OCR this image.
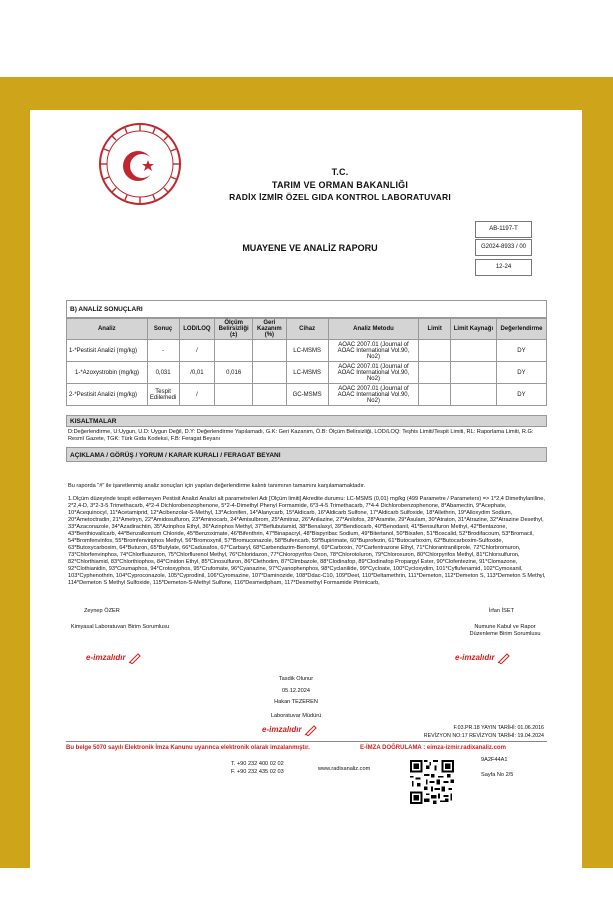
T.C.
TARIM VE ORMAN BAKANLIĞI
RADİX İZMİR ÖZEL GIDA KONTROL LABORATUVARI
AB-1197-T
G2024-8933 / 00
12-24
MUAYENE VE ANALİZ RAPORU
B) ANALİZ SONUÇLARI
Analiz	Sonuç	LOD/LOQ	Ölçüm Belirsizliği (±)	Geri Kazanım (%)	Cihaz	Analiz Metodu	Limit	Limit Kaynağı	Değerlendirme
1-*Pestisit Analizi (mg/kg)	-	/			LC-MSMS	AOAC 2007.01 (Journal of AOAC International Vol.90, No2)			DY
1-*Azoxystrobin (mg/kg)	0,031	/0,01	0,016		LC-MSMS	AOAC 2007.01 (Journal of AOAC International Vol.90, No2)			DY
2-*Pestisit Analizi (mg/kg)	Tespit Edilemedi	/			GC-MSMS	AOAC 2007.01 (Journal of AOAC International Vol.90, No2)			DY
KISALTMALAR
D:Değerlendirme, U:Uygun, U.D: Uygun Değil, D.Y: Değerlendirme Yapılamadı, G.K: Geri Kazanım, Ö.B: Ölçüm Belirsizliği, LOD/LOQ: Teşhis Limiti/Tespit Limiti, RL: Raporlama Limiti, R.G: Resmî Gazete, TGK: Türk Gıda Kodeksi, F.B: Feragat Beyanı
AÇIKLAMA / GÖRÜŞ / YORUM / KARAR KURALI / FERAGAT BEYANI
Bu raporda "#" ile işaretlenmiş analiz sonuçları için yapılan değerlendirme kalıntı tanımının tamamını karşılamamaktadır.
1.Ölçüm düzeyinde tespit edilemeyen Pestisit Analizi Analizi alt parametreleri Adı [Ölçüm limiti] Akredite durumu: LC-MSMS (0,01) mg/kg (499 Parametre / Parameters) => 1*2,4 Dimethylaniline, 2*2,4-D, 3*2-3-5 Trimethacarb, 4*2-4 Dichlorobenzophenone, 5*2-4-Dimethyl Phenyl Formamide, 6*3-4-5 Trimethacarb, 7*4-4 Dichlorobenzophenone, 8*Abamectin, 9*Acephate, 10*Acequinocyl, 11*Acetamiprid, 12*Acibenzolar-S-Methyl, 13*Aclonifen, 14*Alanycarb, 15*Aldicarb, 16*Aldicarb Sulfone, 17*Aldicarb Sulfoxide, 18*Allethrin, 19*Alloxydim Sodium, 20*Ametoctradin, 21*Ametryn, 22*Amidosulfuron, 23*Aminocarb, 24*Amisulbrom, 25*Amitraz, 26*Anilazine, 27*Anilofos, 28*Aramite, 29*Asulam, 30*Atraton, 31*Atrazine, 32*Atrazine Desethyl, 33*Azaconazole, 34*Azadirachtin, 35*Azinphos Ethyl, 36*Azinphos Methyl, 37*Beflubutamid, 38*Benalaxyl, 39*Bendiocarb, 40*Benodanil, 41*Bensulfuron Methyl, 42*Bentazone, 43*Benthiovalicarb, 44*Benzalkonium Chloride, 45*Benzoximate, 46*Bifenthrin, 47*Binapacryl, 48*Bispyribac Sodium, 49*Bitertanol, 50*Bixafen, 51*Boscalid, 52*Brodifacoum, 53*Bromacil, 54*Bromfenvinfos, 55*Bromfenvinphos Methyl, 56*Bromoxynil, 57*Bromuconazole, 58*Bufencarb, 59*Bupirimate, 60*Buprofezin, 61*Butocarboxim, 62*Butocarboxim-Sulfoxide, 63*Butoxycarboxim, 64*Buturon, 65*Butylate, 66*Cadusafos, 67*Carbaryl, 68*Carbendazim-Benomyl, 69*Carboxin, 70*Carfentrazone Ethyl, 71*Chlorantraniliprole, 72*Chlorbromuron, 73*Chlorfenvinphos, 74*Chlorfluazuron, 75*Chlorflurenol Methyl, 76*Chloridazon, 77*Chloropyrifos Oxon, 78*Chlorotoluron, 79*Chloroxuron, 80*Chlorpyrifos Methyl, 81*Chlorsulfuron, 82*Chlorthiamid, 83*Chlorthiophos, 84*Cinidon Ethyl, 85*Cinosulfuron, 86*Clethodim, 87*Climbazole, 88*Clodinafop, 89*Clodinafop Propargyl Ester, 90*Clofentezine, 91*Clomazone, 92*Clothianidin, 93*Coumaphos, 94*Crotoxyphos, 95*Crufomate, 96*Cyanazine, 97*Cyanophenphos, 98*Cyclanilide, 99*Cycloate, 100*Cycloxydim, 101*Cyflufenamid, 102*Cymoxanil, 103*Cyphenothrin, 104*Cyproconazole, 105*Cyprodinil, 106*Cyromazine, 107*Daminozide, 108*Ddac-C10, 109*Deet, 110*Deltamethrin, 111*Demeton, 112*Demeton S, 113*Demeton S Methyl, 114*Demeton S Methyl Sulfoxide, 115*Demeton-S-Methyl Sulfone, 116*Desmedipham, 117*Desmethyl Formamide Pirimicarb,
Zeynep ÖZER
Kimyasal Laboratuvarı Birim Sorumlusu
e-imzalıdır
İrfan İSET
Numune Kabul ve Rapor Düzenleme Birim Sorumlusu
e-imzalıdır
Tasdik Olunur
05.12.2024
Hakan TEZEREN
Laboratuvar Müdürü
e-imzalıdır	F.03.PR.18 YAYIN TARİHİ: 01.06.2016
REVİZYON NO:17 REVİZYON TARİHİ: 19.04.2024
Bu belge 5070 sayılı Elektronik İmza Kanunu uyarınca elektronik olarak imzalanmıştır.	E-İMZA DOĞRULAMA : eimza-izmir.radixanaliz.com
T. +90 232 400 02 02
F. +90 232 435 02 03	www.radixanaliz.com
9A2F44A1
Sayfa No 2/5
